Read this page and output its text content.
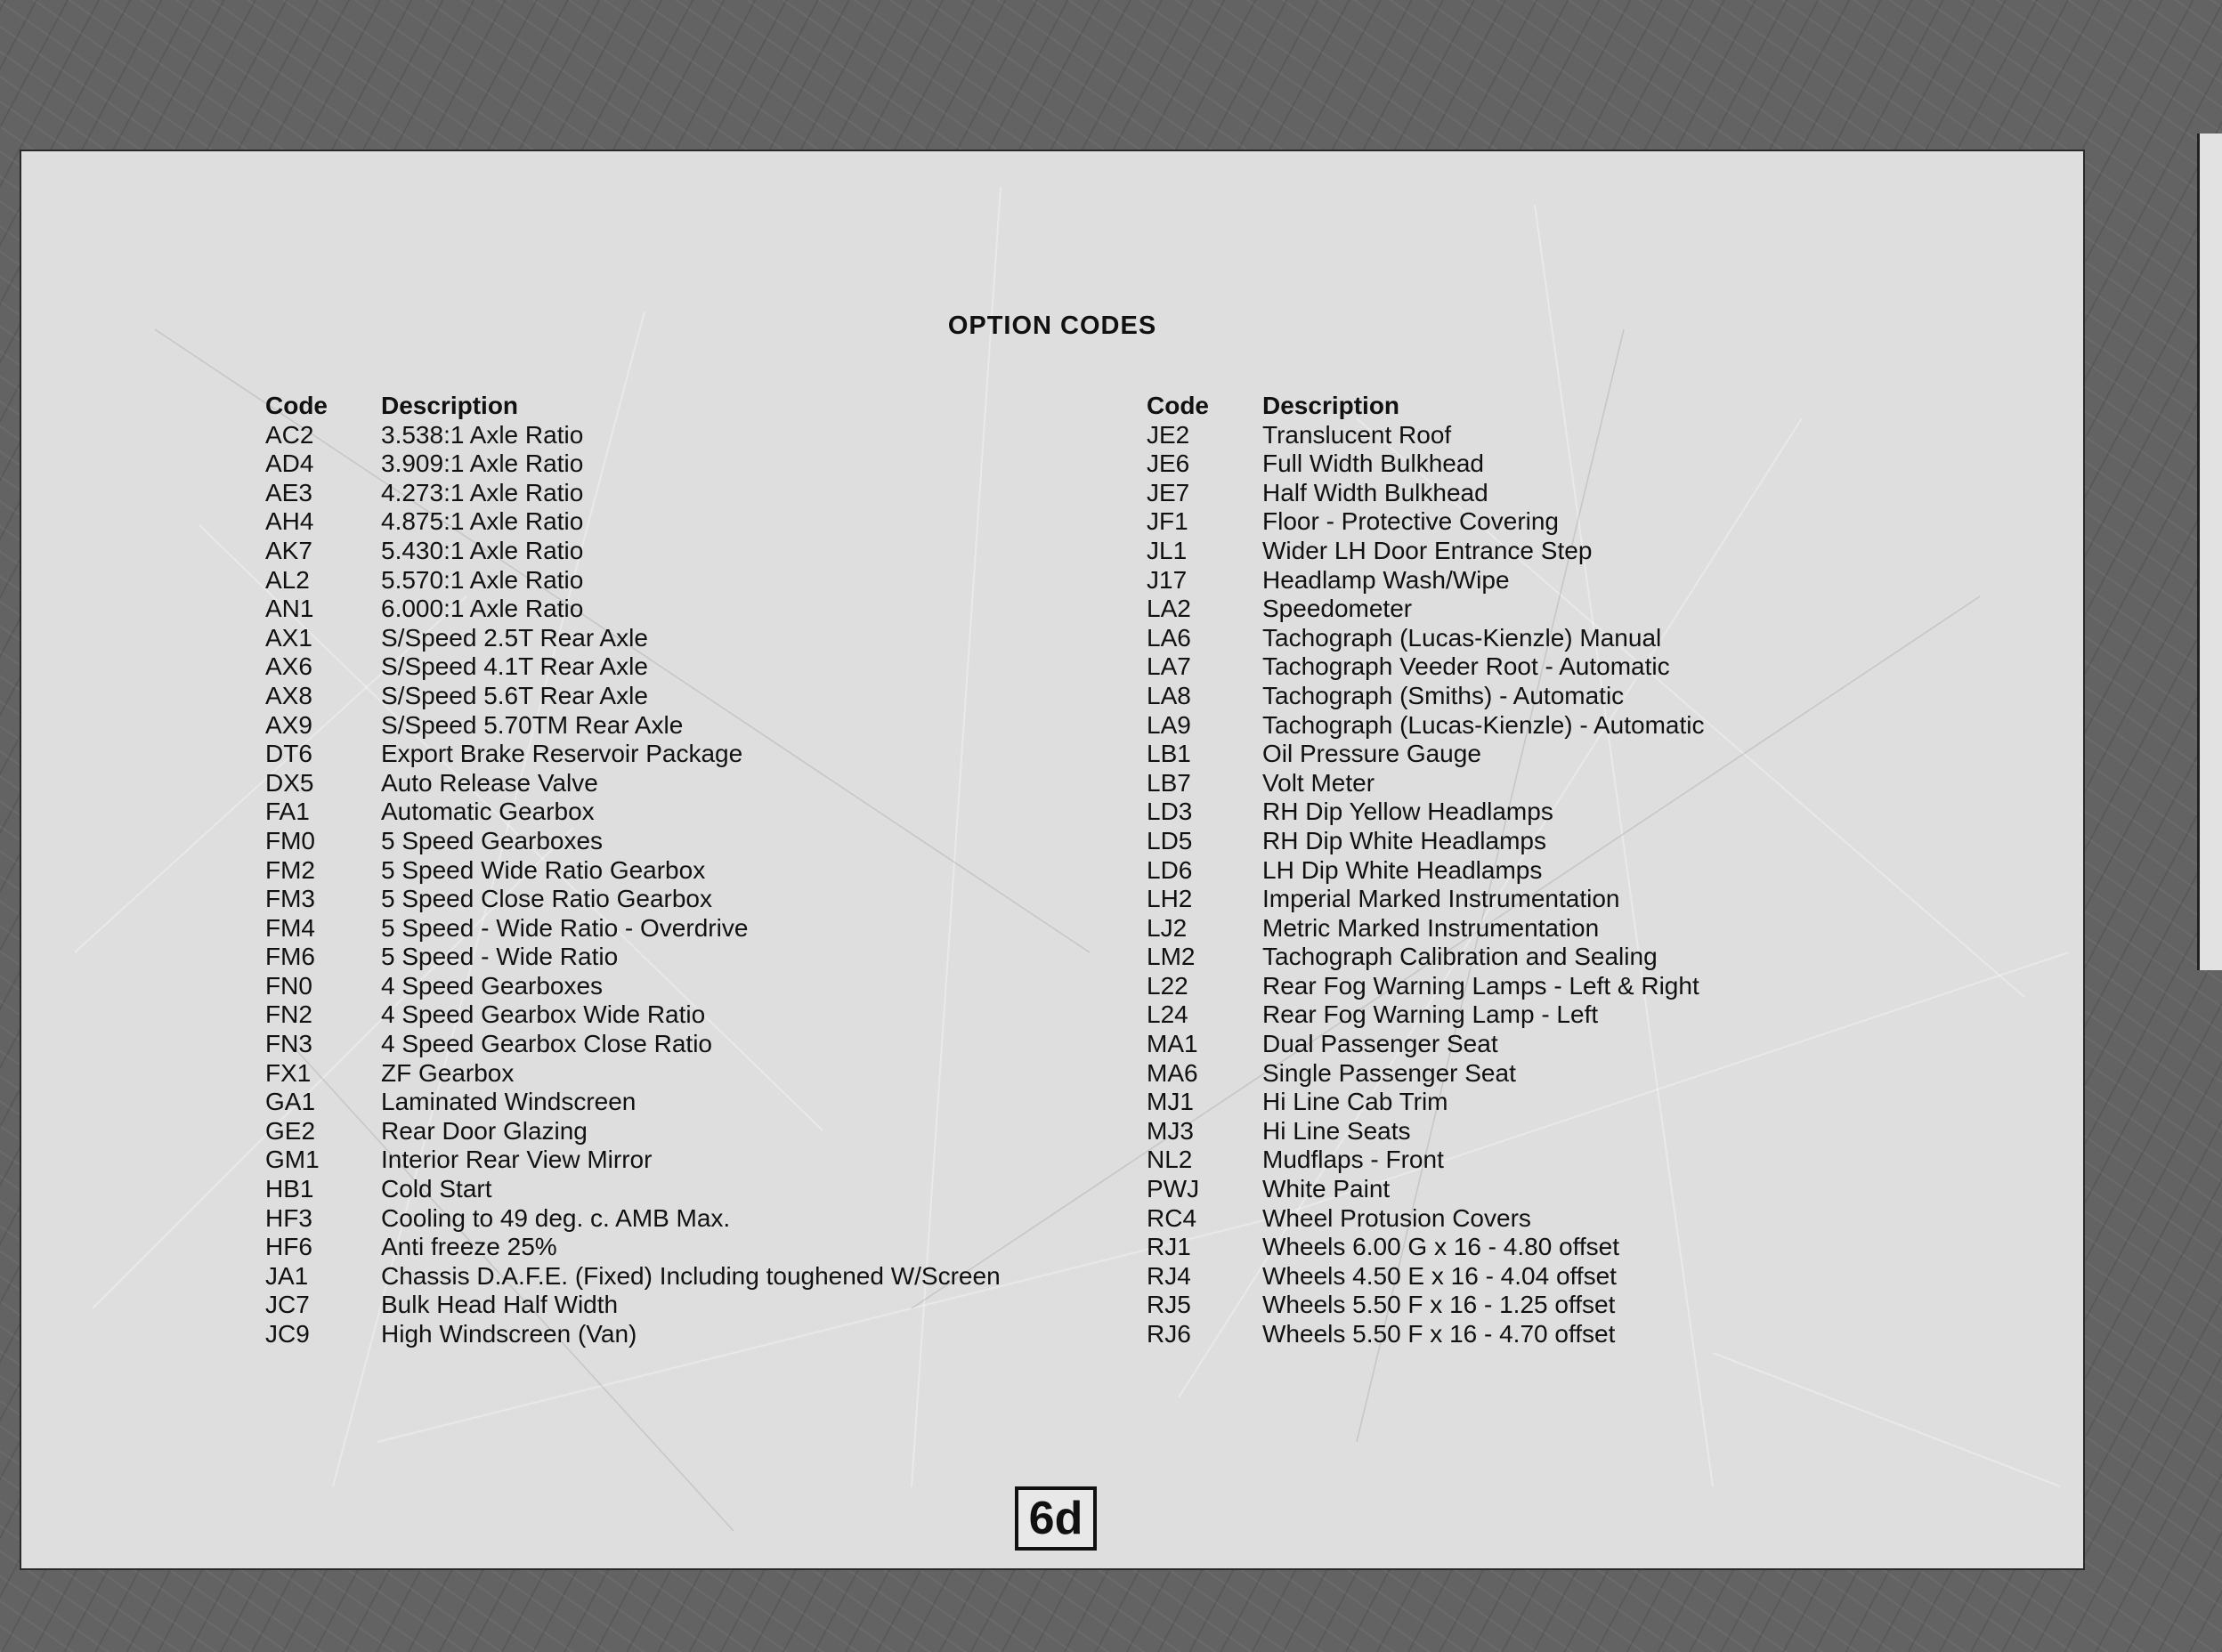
OPTION CODES
Code	Description
AC2	3.538:1 Axle Ratio
AD4	3.909:1 Axle Ratio
AE3	4.273:1 Axle Ratio
AH4	4.875:1 Axle Ratio
AK7	5.430:1 Axle Ratio
AL2	5.570:1 Axle Ratio
AN1	6.000:1 Axle Ratio
AX1	S/Speed 2.5T Rear Axle
AX6	S/Speed 4.1T Rear Axle
AX8	S/Speed 5.6T Rear Axle
AX9	S/Speed 5.70TM Rear Axle
DT6	Export Brake Reservoir Package
DX5	Auto Release Valve
FA1	Automatic Gearbox
FM0	5 Speed Gearboxes
FM2	5 Speed Wide Ratio Gearbox
FM3	5 Speed Close Ratio Gearbox
FM4	5 Speed - Wide Ratio - Overdrive
FM6	5 Speed - Wide Ratio
FN0	4 Speed Gearboxes
FN2	4 Speed Gearbox Wide Ratio
FN3	4 Speed Gearbox Close Ratio
FX1	ZF Gearbox
GA1	Laminated Windscreen
GE2	Rear Door Glazing
GM1	Interior Rear View Mirror
HB1	Cold Start
HF3	Cooling to 49 deg. c. AMB Max.
HF6	Anti freeze 25%
JA1	Chassis D.A.F.E. (Fixed) Including toughened W/Screen
JC7	Bulk Head Half Width
JC9	High Windscreen (Van)
Code	Description
JE2	Translucent Roof
JE6	Full Width Bulkhead
JE7	Half Width Bulkhead
JF1	Floor - Protective Covering
JL1	Wider LH Door Entrance Step
J17	Headlamp Wash/Wipe
LA2	Speedometer
LA6	Tachograph (Lucas-Kienzle) Manual
LA7	Tachograph Veeder Root - Automatic
LA8	Tachograph (Smiths) - Automatic
LA9	Tachograph (Lucas-Kienzle) - Automatic
LB1	Oil Pressure Gauge
LB7	Volt Meter
LD3	RH Dip Yellow Headlamps
LD5	RH Dip White Headlamps
LD6	LH Dip White Headlamps
LH2	Imperial Marked Instrumentation
LJ2	Metric Marked Instrumentation
LM2	Tachograph Calibration and Sealing
L22	Rear Fog Warning Lamps - Left & Right
L24	Rear Fog Warning Lamp - Left
MA1	Dual Passenger Seat
MA6	Single Passenger Seat
MJ1	Hi Line Cab Trim
MJ3	Hi Line Seats
NL2	Mudflaps - Front
PWJ	White Paint
RC4	Wheel Protusion Covers
RJ1	Wheels 6.00 G x 16 - 4.80 offset
RJ4	Wheels 4.50 E x 16 - 4.04 offset
RJ5	Wheels 5.50 F x 16 - 1.25 offset
RJ6	Wheels 5.50 F x 16 - 4.70 offset
6d
